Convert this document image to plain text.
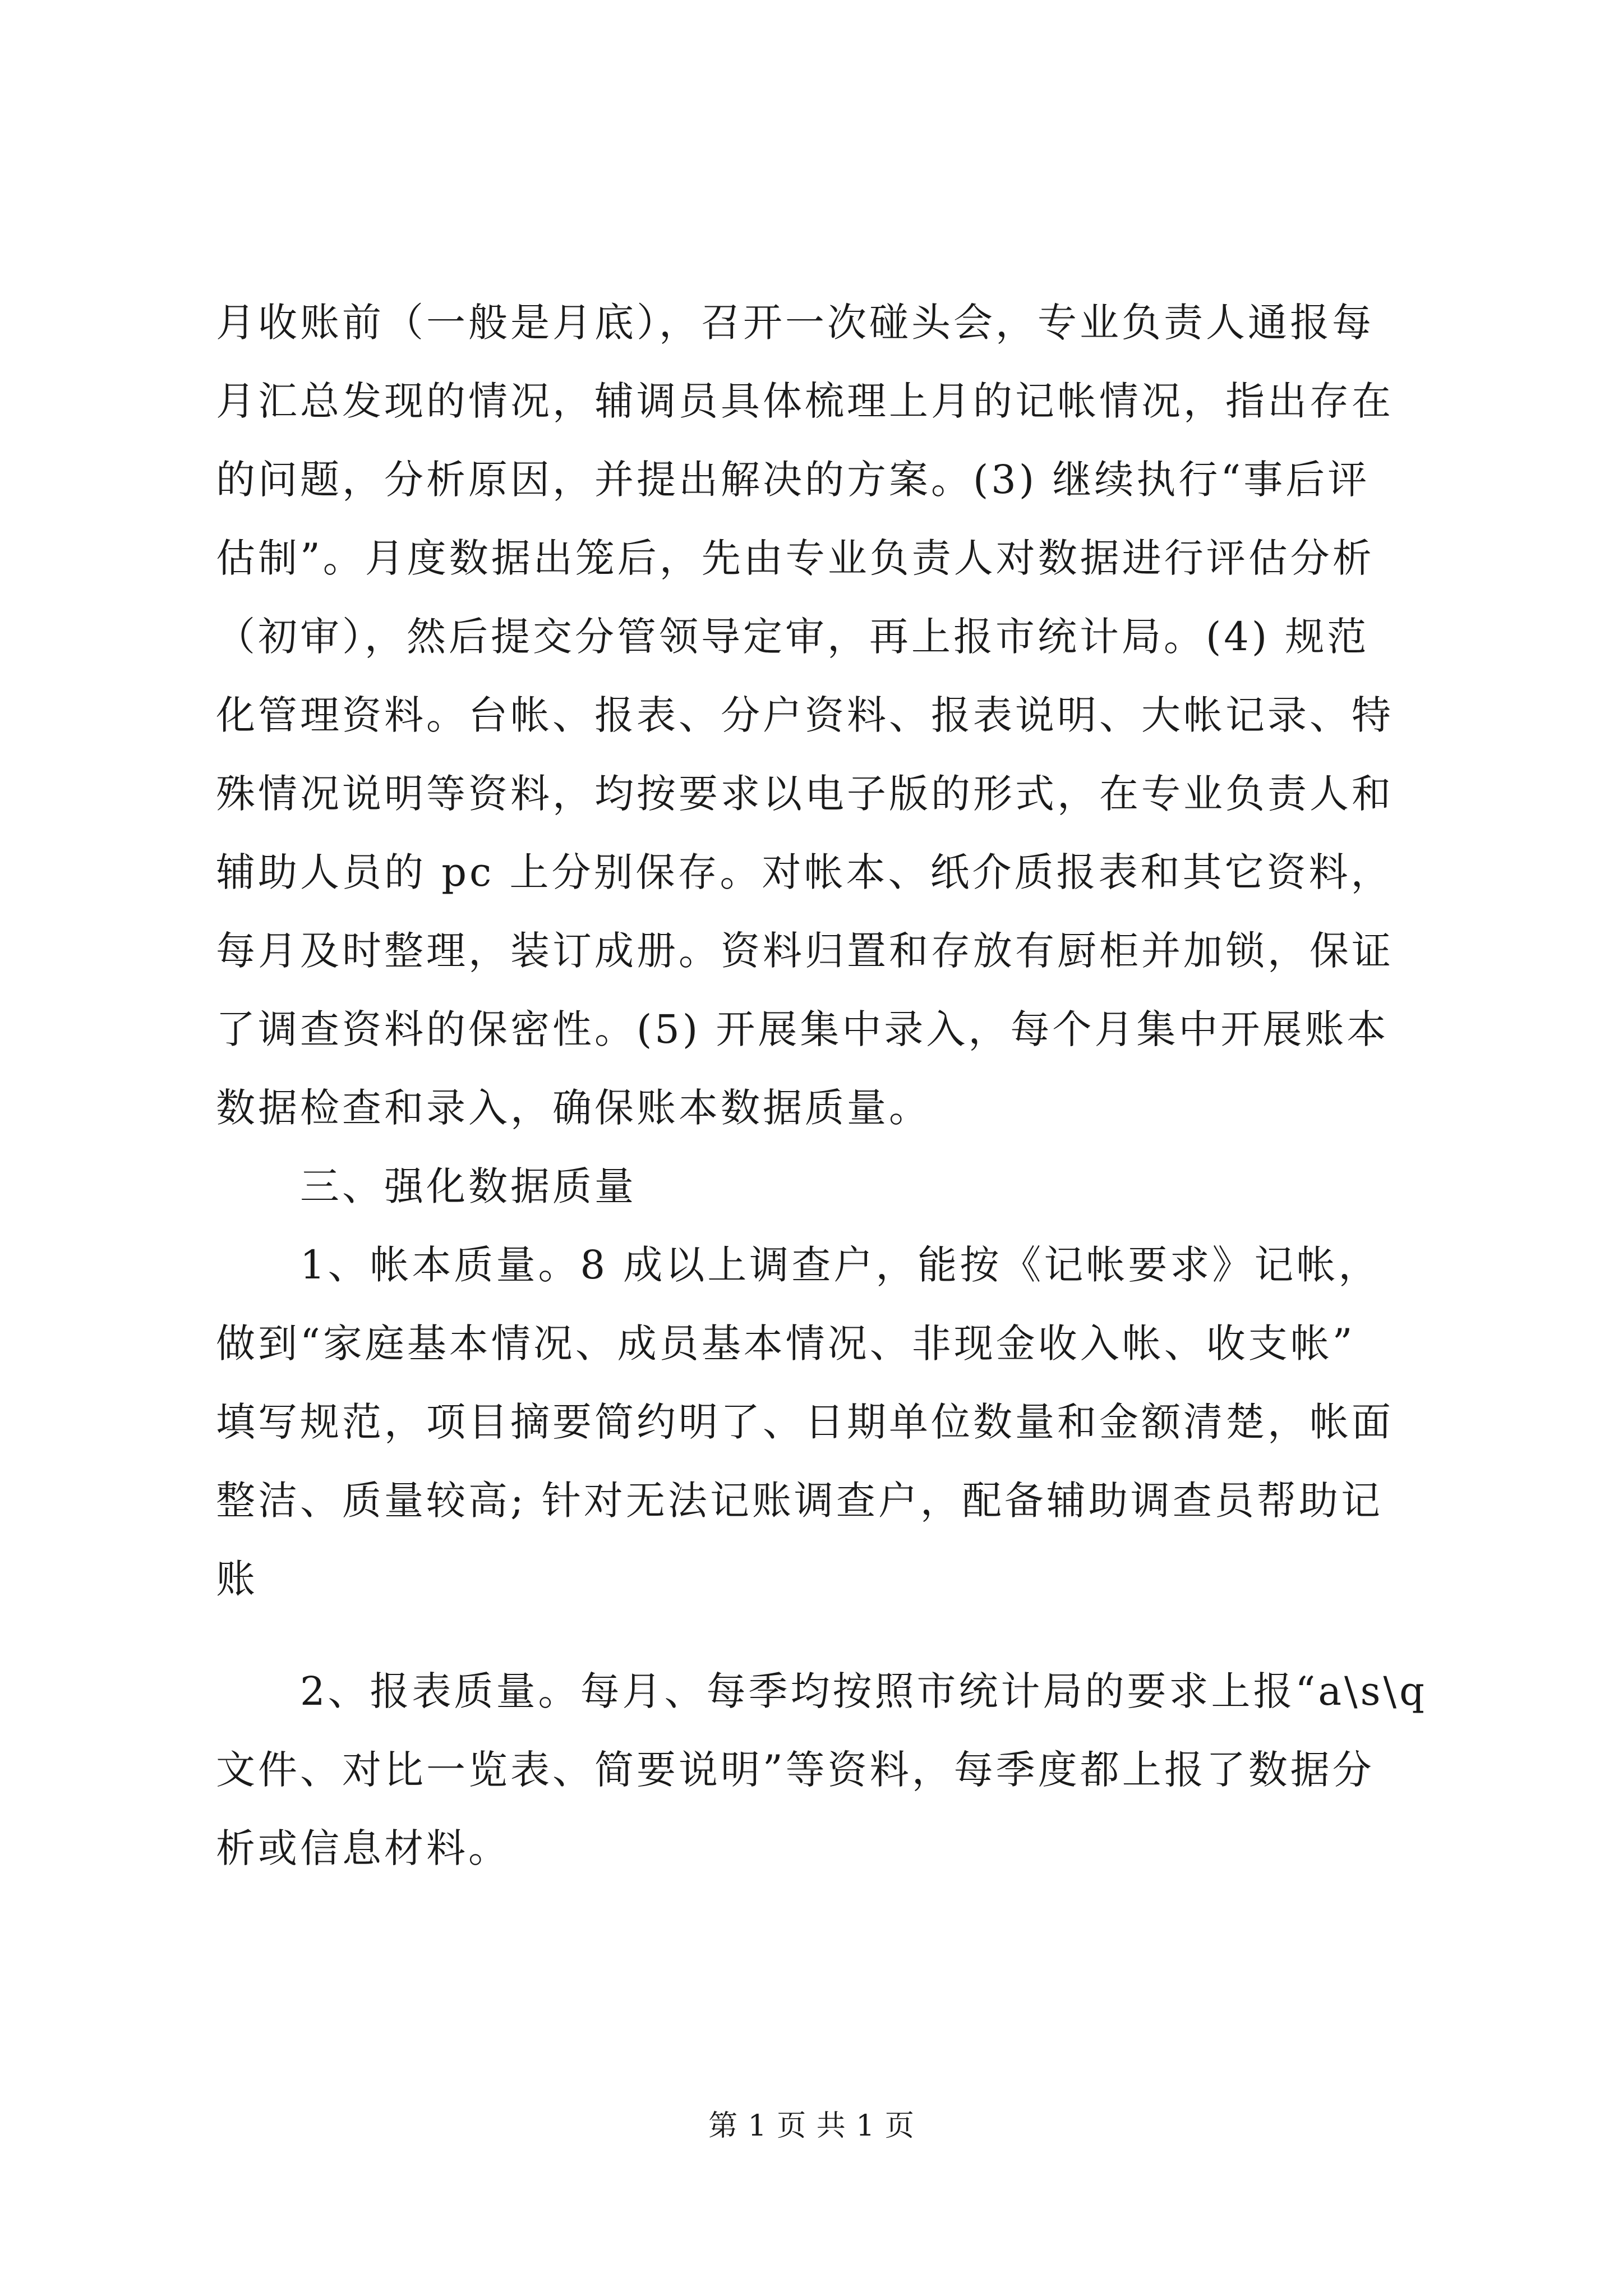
月收账前（一般是月底），召开一次碰头会，专业负责人通报每
月汇总发现的情况，辅调员具体梳理上月的记帐情况，指出存在
的问题，分析原因，并提出解决的方案。(3) 继续执行“事后评
估制”。月度数据出笼后，先由专业负责人对数据进行评估分析
（初审），然后提交分管领导定审，再上报市统计局。(4) 规范
化管理资料。台帐、报表、分户资料、报表说明、大帐记录、特
殊情况说明等资料，均按要求以电子版的形式，在专业负责人和
辅助人员的 pc 上分别保存。对帐本、纸介质报表和其它资料，
每月及时整理，装订成册。资料归置和存放有厨柜并加锁，保证
了调查资料的保密性。(5) 开展集中录入，每个月集中开展账本
数据检查和录入，确保账本数据质量。
三、强化数据质量
1、帐本质量。8 成以上调查户，能按《记帐要求》记帐，
做到“家庭基本情况、成员基本情况、非现金收入帐、收支帐”
填写规范，项目摘要简约明了、日期单位数量和金额清楚，帐面
整洁、质量较高; 针对无法记账调查户，配备辅助调查员帮助记
账
2、报表质量。每月、每季均按照市统计局的要求上报“a\s\q
文件、对比一览表、简要说明”等资料，每季度都上报了数据分
析或信息材料。
第 1 页 共 1 页
